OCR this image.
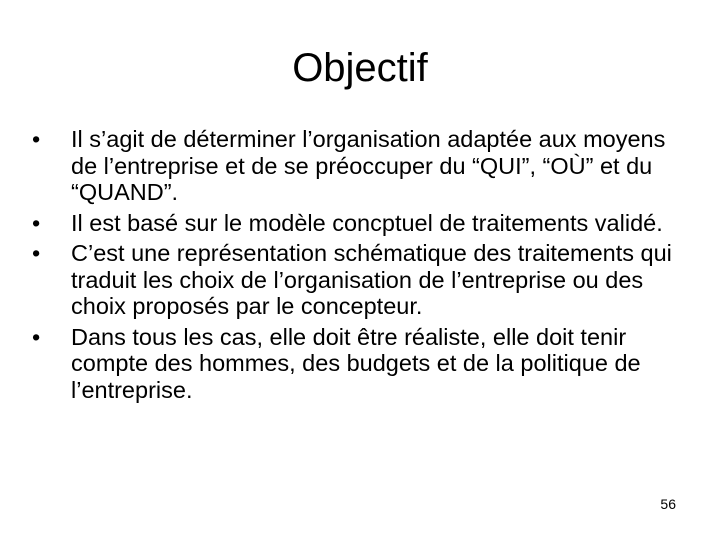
Objectif
•	Il s’agit de déterminer l’organisation adaptée aux moyens de l’entreprise et de se préoccuper du “QUI”, “OÙ” et du “QUAND”.
•	Il est basé sur le modèle concptuel de traitements validé.
•	C’est une représentation schématique des traitements qui traduit les choix de l’organisation de l’entreprise ou des choix proposés par le concepteur.
•	Dans tous les cas, elle doit être réaliste, elle doit tenir compte des hommes, des budgets et de la politique de l’entreprise.
56
